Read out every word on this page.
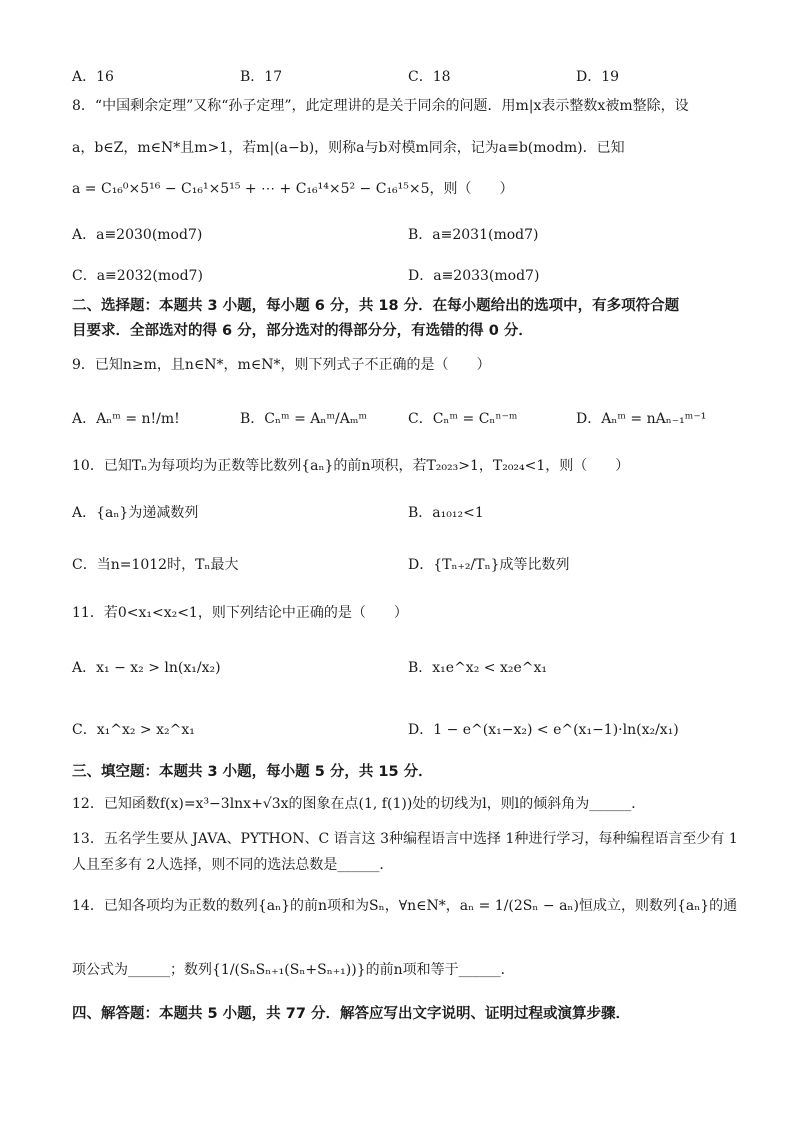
A．16	B．17	C．18	D．19
8．“中国剩余定理”又称“孙子定理”，此定理讲的是关于同余的问题．用m|x表示整数x被m整除，设
a，b∈Z，m∈N*且m>1，若m|(a−b)，则称a与b对模m同余，记为a≡b(modm)．已知
a = C₁₆⁰×5¹⁶ − C₁₆¹×5¹⁵ + ⋯ + C₁₆¹⁴×5² − C₁₆¹⁵×5，则（　　）
A．a≡2030(mod7)	B．a≡2031(mod7)
C．a≡2032(mod7)	D．a≡2033(mod7)
二、选择题：本题共 3 小题，每小题 6 分，共 18 分．在每小题给出的选项中，有多项符合题
目要求．全部选对的得 6 分，部分选对的得部分分，有选错的得 0 分．
9．已知n≥m，且n∈N*，m∈N*，则下列式子不正确的是（　　）
A．Aₙᵐ = n!/m!	B．Cₙᵐ = Aₙᵐ/Aₘᵐ	C．Cₙᵐ = Cₙⁿ⁻ᵐ	D．Aₙᵐ = nAₙ₋₁ᵐ⁻¹
10．已知Tₙ为每项均为正数等比数列{aₙ}的前n项积，若T₂₀₂₃>1，T₂₀₂₄<1，则（　　）
A．{aₙ}为递减数列	B．a₁₀₁₂<1
C．当n=1012时，Tₙ最大	D．{Tₙ₊₂/Tₙ}成等比数列
11．若0<x₁<x₂<1，则下列结论中正确的是（　　）
A．x₁ − x₂ > ln(x₁/x₂)	B．x₁e^x₂ < x₂e^x₁
C．x₁^x₂ > x₂^x₁	D．1 − e^(x₁−x₂) < e^(x₁−1)·ln(x₂/x₁)
三、填空题：本题共 3 小题，每小题 5 分，共 15 分．
12．已知函数f(x)=x³−3lnx+√3x的图象在点(1, f(1))处的切线为l，则l的倾斜角为______．
13．五名学生要从 JAVA、PYTHON、C 语言这 3种编程语言中选择 1种进行学习，每种编程语言至少有 1
人且至多有 2人选择，则不同的选法总数是______．
14．已知各项均为正数的数列{aₙ}的前n项和为Sₙ，∀n∈N*，aₙ = 1/(2Sₙ − aₙ)恒成立，则数列{aₙ}的通
项公式为______；数列{1/(SₙSₙ₊₁(Sₙ+Sₙ₊₁))}的前n项和等于______．
四、解答题：本题共 5 小题，共 77 分．解答应写出文字说明、证明过程或演算步骤．
